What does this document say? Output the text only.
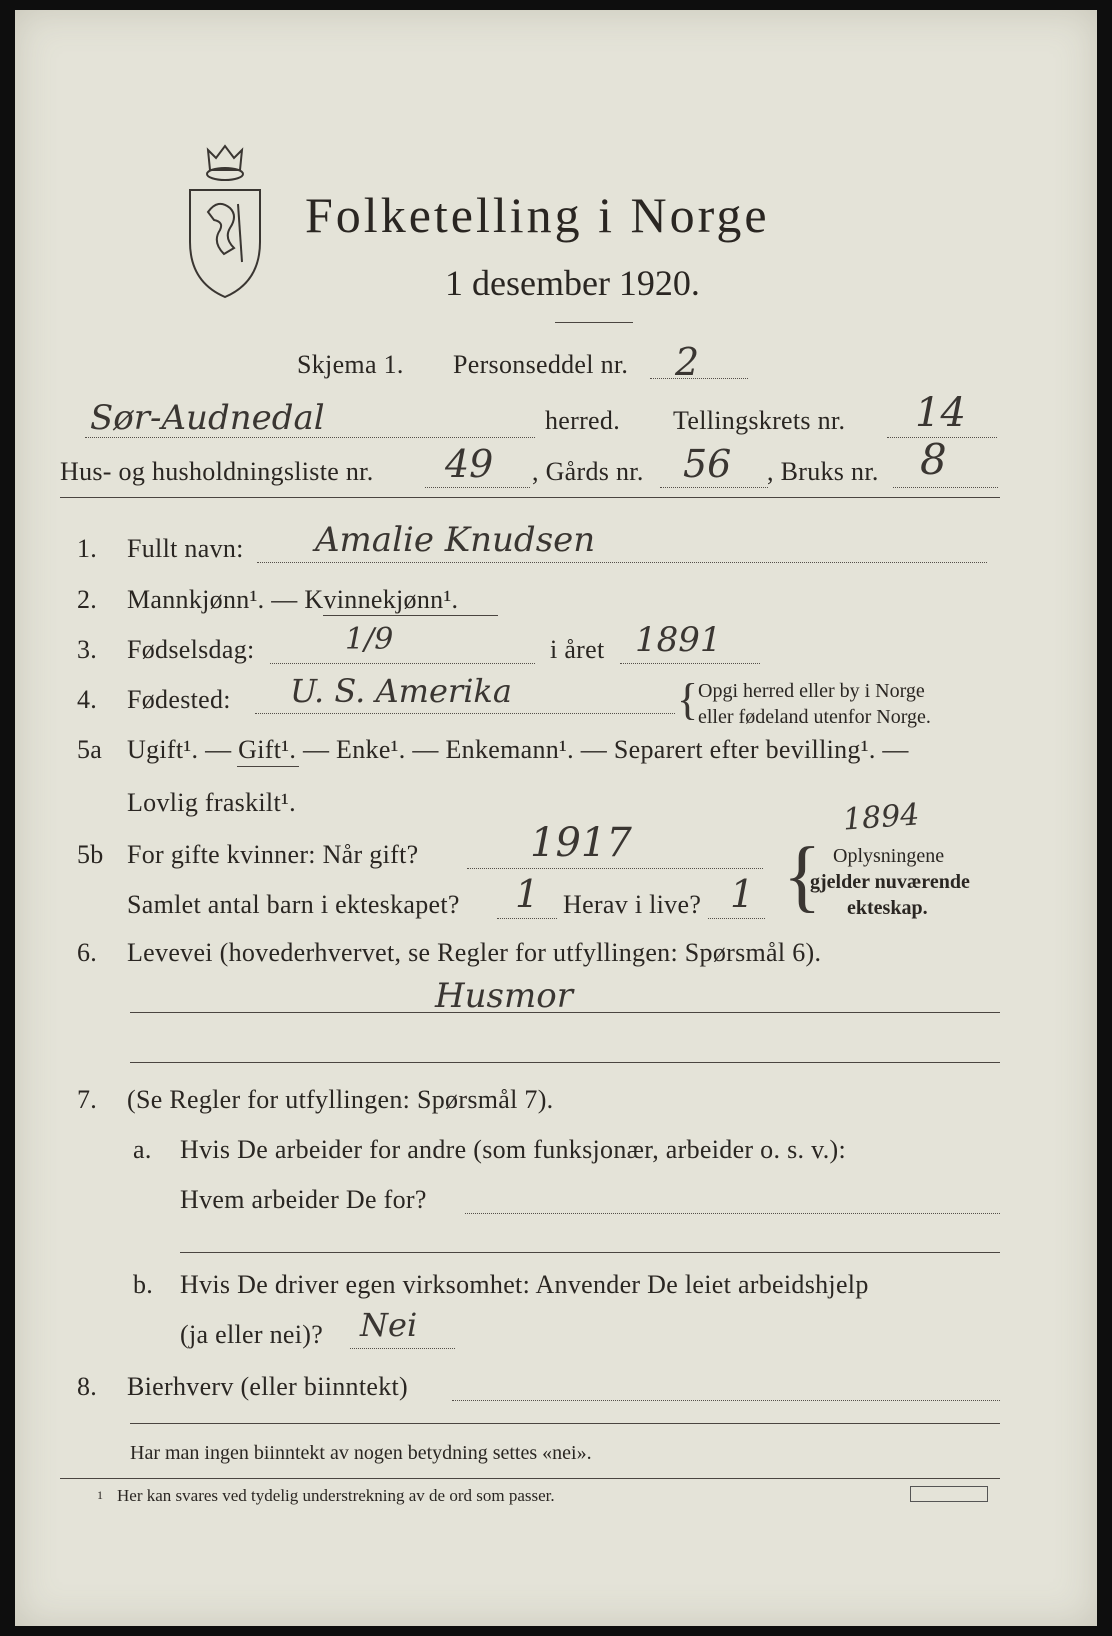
Folketelling i Norge
1 desember 1920.
Skjema 1. Personseddel nr. 2
Sør-Audnedal	herred. Tellingskrets nr. 14
Hus- og husholdningsliste nr. 49 , Gårds nr. 56 , Bruks nr. 8
1. Fullt navn: Amalie Knudsen
2. Mannkjønn¹. — Kvinnekjønn¹.
3. Fødselsdag:	1/9	i året 1891
4. Fødested: U. S. Amerika	{ Opgi herred eller by i Norge
eller fødeland utenfor Norge.
5a Ugift¹. — Gift¹. — Enke¹. — Enkemann¹. — Separert efter bevilling¹. —
Lovlig fraskilt¹.	1894
5b For gifte kvinner: Når gift?	1917
Samlet antal barn i ekteskapet? 1 Herav i live? 1 { Oplysningene
gjelder nuværende
ekteskap.
6. Levevei (hovederhvervet, se Regler for utfyllingen: Spørsmål 6).
Husmor
7. (Se Regler for utfyllingen: Spørsmål 7).
a. Hvis De arbeider for andre (som funksjonær, arbeider o. s. v.):
Hvem arbeider De for?
b. Hvis De driver egen virksomhet: Anvender De leiet arbeidshjelp
(ja eller nei)? Nei
8. Bierhverv (eller biinntekt)
Har man ingen biinntekt av nogen betydning settes «nei».
1 Her kan svares ved tydelig understrekning av de ord som passer.
